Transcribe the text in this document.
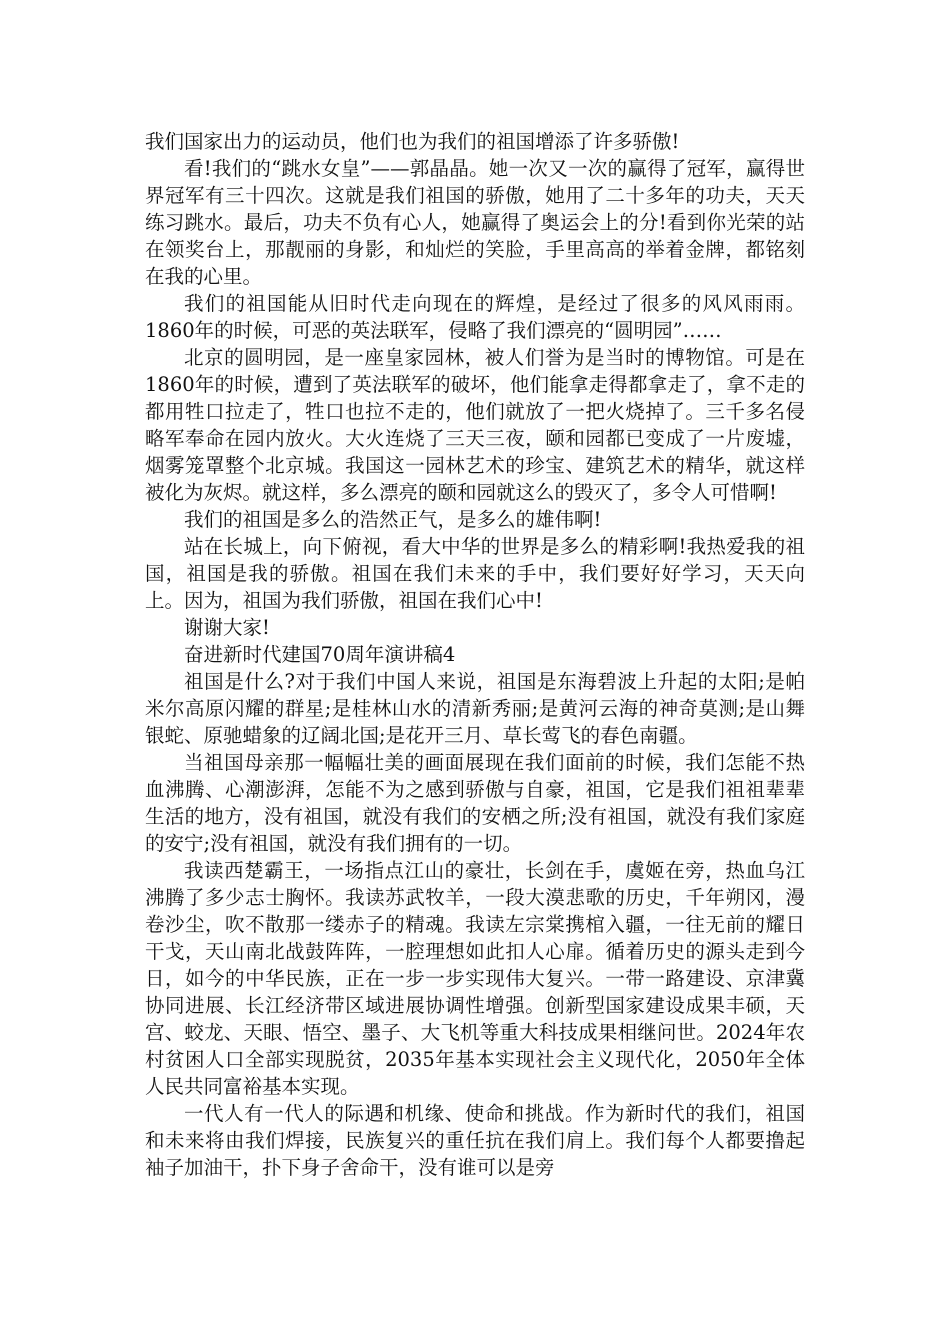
我们国家出力的运动员，他们也为我们的祖国增添了许多骄傲!

看!我们的“跳水女皇”——郭晶晶。她一次又一次的赢得了冠军，赢得世界冠军有三十四次。这就是我们祖国的骄傲，她用了二十多年的功夫，天天练习跳水。最后，功夫不负有心人，她赢得了奥运会上的分!看到你光荣的站在领奖台上，那靓丽的身影，和灿烂的笑脸，手里高高的举着金牌，都铭刻在我的心里。

我们的祖国能从旧时代走向现在的辉煌，是经过了很多的风风雨雨。1860年的时候，可恶的英法联军，侵略了我们漂亮的“圆明园”……

北京的圆明园，是一座皇家园林，被人们誉为是当时的博物馆。可是在1860年的时候，遭到了英法联军的破坏，他们能拿走得都拿走了，拿不走的都用牲口拉走了，牲口也拉不走的，他们就放了一把火烧掉了。三千多名侵略军奉命在园内放火。大火连烧了三天三夜，颐和园都已变成了一片废墟，烟雾笼罩整个北京城。我国这一园林艺术的珍宝、建筑艺术的精华，就这样被化为灰烬。就这样，多么漂亮的颐和园就这么的毁灭了，多令人可惜啊!

我们的祖国是多么的浩然正气，是多么的雄伟啊!

站在长城上，向下俯视，看大中华的世界是多么的精彩啊!我热爱我的祖国，祖国是我的骄傲。祖国在我们未来的手中，我们要好好学习，天天向上。因为，祖国为我们骄傲，祖国在我们心中!

谢谢大家!

奋进新时代建国70周年演讲稿4

祖国是什么?对于我们中国人来说，祖国是东海碧波上升起的太阳;是帕米尔高原闪耀的群星;是桂林山水的清新秀丽;是黄河云海的神奇莫测;是山舞银蛇、原驰蜡象的辽阔北国;是花开三月、草长莺飞的春色南疆。

当祖国母亲那一幅幅壮美的画面展现在我们面前的时候，我们怎能不热血沸腾、心潮澎湃，怎能不为之感到骄傲与自豪，祖国，它是我们祖祖辈辈生活的地方，没有祖国，就没有我们的安栖之所;没有祖国，就没有我们家庭的安宁;没有祖国，就没有我们拥有的一切。

我读西楚霸王，一场指点江山的豪壮，长剑在手，虞姬在旁，热血乌江沸腾了多少志士胸怀。我读苏武牧羊，一段大漠悲歌的历史，千年朔冈，漫卷沙尘，吹不散那一缕赤子的精魂。我读左宗棠携棺入疆，一往无前的耀日干戈，天山南北战鼓阵阵，一腔理想如此扣人心扉。循着历史的源头走到今日，如今的中华民族，正在一步一步实现伟大复兴。一带一路建设、京津冀协同进展、长江经济带区域进展协调性增强。创新型国家建设成果丰硕，天宫、蛟龙、天眼、悟空、墨子、大飞机等重大科技成果相继问世。2024年农村贫困人口全部实现脱贫，2035年基本实现社会主义现代化，2050年全体人民共同富裕基本实现。

一代人有一代人的际遇和机缘、使命和挑战。作为新时代的我们，祖国和未来将由我们焊接，民族复兴的重任抗在我们肩上。我们每个人都要撸起袖子加油干，扑下身子舍命干，没有谁可以是旁
